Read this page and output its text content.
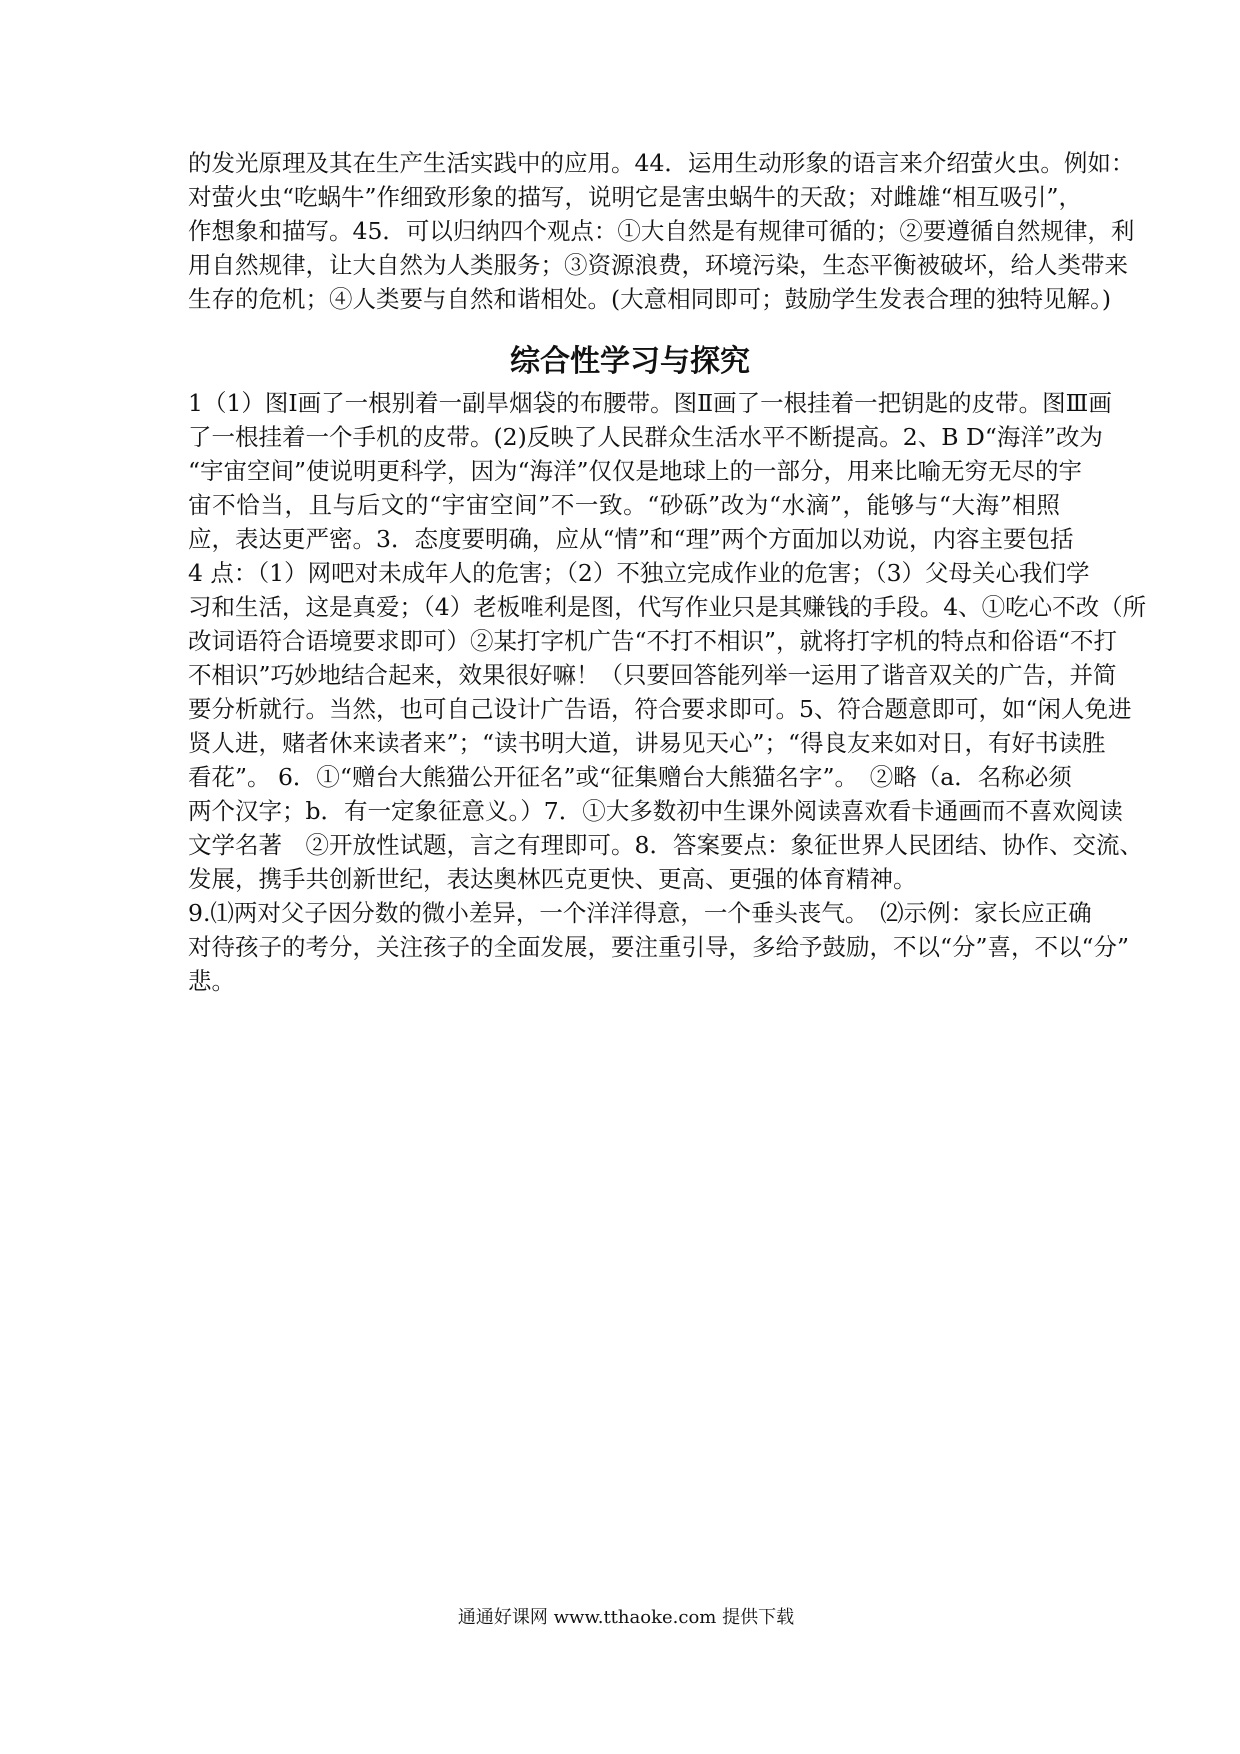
的发光原理及其在生产生活实践中的应用。44．运用生动形象的语言来介绍萤火虫。例如：
对萤火虫“吃蜗牛”作细致形象的描写，说明它是害虫蜗牛的天敌；对雌雄“相互吸引”，
作想象和描写。45．可以归纳四个观点：①大自然是有规律可循的；②要遵循自然规律，利
用自然规律，让大自然为人类服务；③资源浪费，环境污染，生态平衡被破坏，给人类带来
生存的危机；④人类要与自然和谐相处。(大意相同即可；鼓励学生发表合理的独特见解。)
综合性学习与探究
1（1）图Ⅰ画了一根别着一副旱烟袋的布腰带。图Ⅱ画了一根挂着一把钥匙的皮带。图Ⅲ画
了一根挂着一个手机的皮带。(2)反映了人民群众生活水平不断提高。2、B D“海洋”改为
“宇宙空间”使说明更科学，因为“海洋”仅仅是地球上的一部分，用来比喻无穷无尽的宇
宙不恰当，且与后文的“宇宙空间”不一致。“砂砾”改为“水滴”，能够与“大海”相照
应，表达更严密。3．态度要明确，应从“情”和“理”两个方面加以劝说，内容主要包括
4 点：（1）网吧对未成年人的危害；（2）不独立完成作业的危害；（3）父母关心我们学
习和生活，这是真爱；（4）老板唯利是图，代写作业只是其赚钱的手段。4、①吃心不改（所
改词语符合语境要求即可）②某打字机广告“不打不相识”，就将打字机的特点和俗语“不打
不相识”巧妙地结合起来，效果很好嘛！（只要回答能列举一运用了谐音双关的广告，并简
要分析就行。当然，也可自己设计广告语，符合要求即可。5、符合题意即可，如“闲人免进
贤人进，赌者休来读者来”；“读书明大道，讲易见天心”；“得良友来如对日，有好书读胜
看花”。 6．①“赠台大熊猫公开征名”或“征集赠台大熊猫名字”。　②略（a．名称必须
两个汉字；b．有一定象征意义。）7．①大多数初中生课外阅读喜欢看卡通画而不喜欢阅读
文学名著　②开放性试题，言之有理即可。8．答案要点：象征世界人民团结、协作、交流、
发展，携手共创新世纪，表达奥林匹克更快、更高、更强的体育精神。
9.⑴两对父子因分数的微小差异，一个洋洋得意，一个垂头丧气。　⑵示例：家长应正确
对待孩子的考分，关注孩子的全面发展，要注重引导，多给予鼓励，不以“分”喜，不以“分”
悲。

通通好课网 www.tthaoke.com 提供下载
